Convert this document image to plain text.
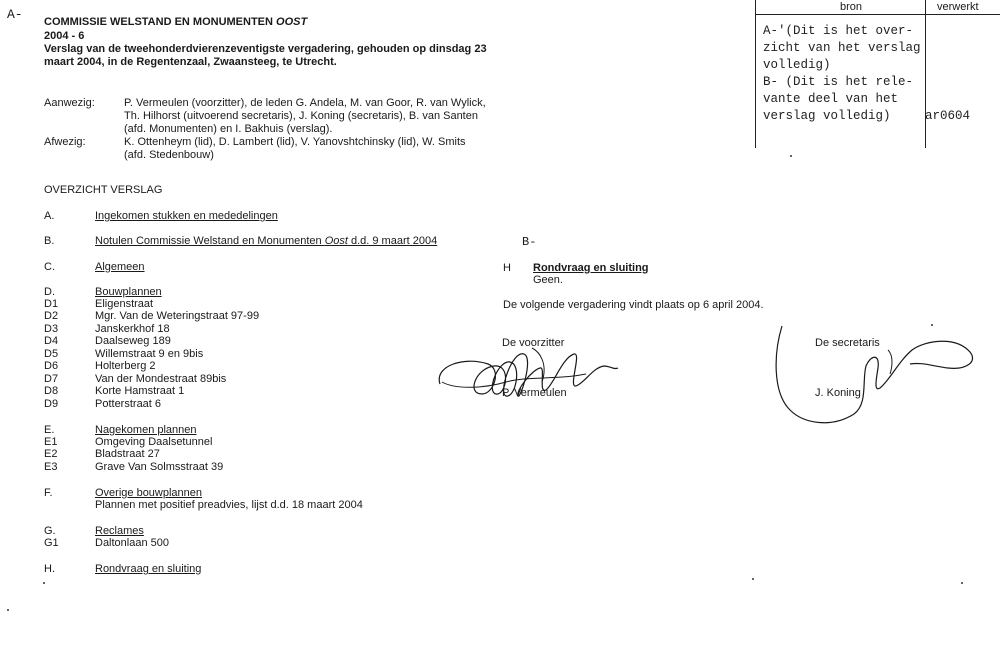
A-	bron	verwerkt
A-'(Dit is het over-
zicht van het verslag
volledig)
B- (Dit is het rele-
vante deel van het
verslag volledig)	ar0604
COMMISSIE WELSTAND EN MONUMENTEN OOST
2004 - 6
Verslag van de tweehonderdvierenzeventigste vergadering, gehouden op dinsdag 23
maart 2004, in de Regentenzaal, Zwaansteeg, te Utrecht.
Aanwezig:	P. Vermeulen (voorzitter), de leden G. Andela, M. van Goor, R. van Wylick,
Th. Hilhorst (uitvoerend secretaris), J. Koning (secretaris), B. van Santen
(afd. Monumenten) en I. Bakhuis (verslag).
Afwezig:	K. Ottenheym (lid), D. Lambert (lid), V. Yanovshtchinsky (lid), W. Smits
(afd. Stedenbouw)
OVERZICHT VERSLAG
A.	Ingekomen stukken en mededelingen
B.	Notulen Commissie Welstand en Monumenten Oost d.d. 9 maart 2004
C.	Algemeen
D.	Bouwplannen
D1	Eligenstraat
D2	Mgr. Van de Weteringstraat 97-99
D3	Janskerkhof 18
D4	Daalseweg 189
D5	Willemstraat 9 en 9bis
D6	Holterberg 2
D7	Van der Mondestraat 89bis
D8	Korte Hamstraat 1
D9	Potterstraat 6
E.	Nagekomen plannen
E1	Omgeving Daalsetunnel
E2	Bladstraat 27
E3	Grave Van Solmsstraat 39
F.	Overige bouwplannen
Plannen met positief preadvies, lijst d.d. 18 maart 2004
G.	Reclames
G1	Daltonlaan 500
H.	Rondvraag en sluiting
B-
H Rondvraag en sluiting
Geen.
De volgende vergadering vindt plaats op 6 april 2004.
De voorzitter
P. Vermeulen
De secretaris
J. Koning
